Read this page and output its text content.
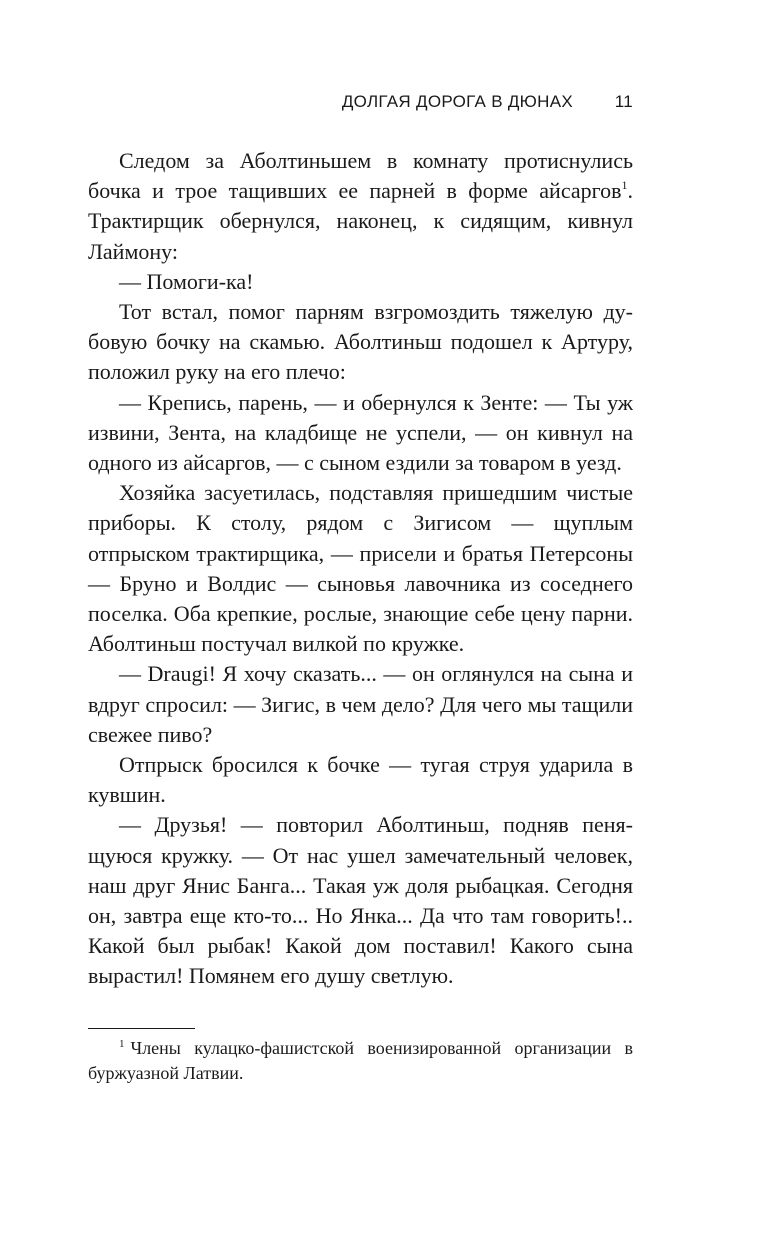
ДОЛГАЯ ДОРОГА В ДЮНАХ 11

Следом за Аболтиньшем в комнату протиснулись бочка и трое тащивших ее парней в форме айсаргов$^1$. Трактирщик обернулся, наконец, к сидящим, кивнул Лаймону:

— Помоги-ка!

Тот встал, помог парням взгромоздить тяжелую дубовую бочку на скамью. Аболтиньш подошел к Артуру, положил руку на его плечо:

— Крепись, парень, — и обернулся к Зенте: — Ты уж извини, Зента, на кладбище не успели, — он кивнул на одного из айсаргов, — с сыном ездили за товаром в уезд.

Хозяйка засуетилась, подставляя пришедшим чистые приборы. К столу, рядом с Зигисом — щуплым отпрыском трактирщика, — присели и братья Петерсоны — Бруно и Волдис — сыновья лавочника из соседнего поселка. Оба крепкие, рослые, знающие себе цену парни. Аболтиньш постучал вилкой по кружке.

— Draugi! Я хочу сказать... — он оглянулся на сына и вдруг спросил: — Зигис, в чем дело? Для чего мы тащили свежее пиво?

Отпрыск бросился к бочке — тугая струя ударила в кувшин.

— Друзья! — повторил Аболтиньш, подняв пенящуюся кружку. — От нас ушел замечательный человек, наш друг Янис Банга... Такая уж доля рыбацкая. Сегодня он, завтра еще кто-то... Но Янка... Да что там говорить!.. Какой был рыбак! Какой дом поставил! Какого сына вырастил! Помянем его душу светлую.

$^1$ Члены кулацко-фашистской военизированной организации в буржуазной Латвии.
